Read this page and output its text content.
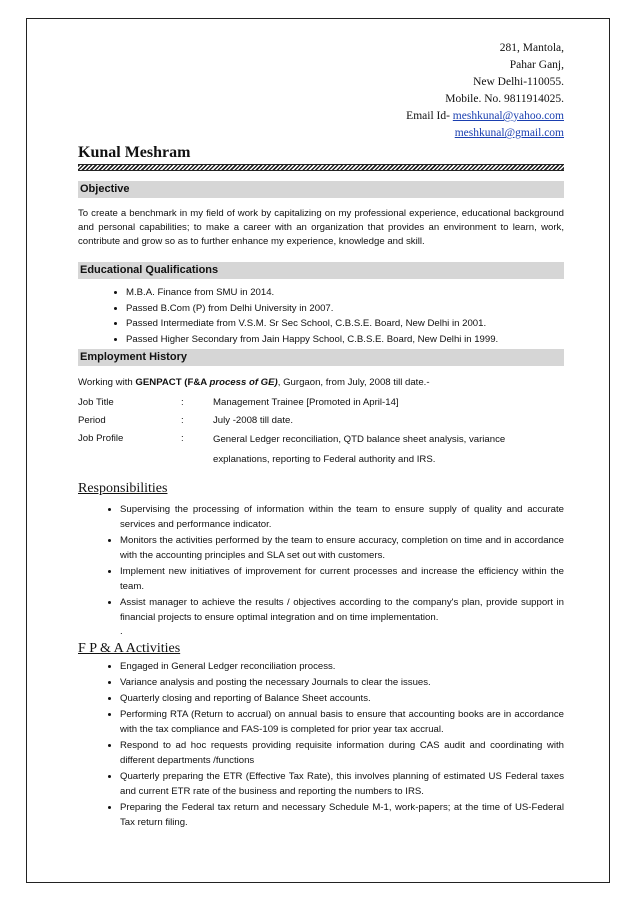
281, Mantola,
Pahar Ganj,
New Delhi-110055.
Mobile. No. 9811914025.
Email Id- meshkunal@yahoo.com
meshkunal@gmail.com
Kunal Meshram
Objective
To create a benchmark in my field of work by capitalizing on my professional experience, educational background and personal capabilities; to make a career with an organization that provides an environment to learn, work, contribute and grow so as to further enhance my experience, knowledge and skill.
Educational Qualifications
• M.B.A. Finance from SMU in 2014.
• Passed B.Com (P) from Delhi University in 2007.
• Passed Intermediate from V.S.M. Sr Sec School, C.B.S.E. Board, New Delhi in 2001.
• Passed Higher Secondary from Jain Happy School, C.B.S.E. Board, New Delhi in 1999.
Employment History
Working with GENPACT (F&A process of GE), Gurgaon, from July, 2008 till date.-
Job Title	:	Management Trainee [Promoted in April-14]
Period	:	July -2008 till date.
Job Profile	:	General Ledger reconciliation, QTD balance sheet analysis, variance explanations, reporting to Federal authority and IRS.
Responsibilities
• Supervising the processing of information within the team to ensure supply of quality and accurate services and performance indicator.
• Monitors the activities performed by the team to ensure accuracy, completion on time and in accordance with the accounting principles and SLA set out with customers.
• Implement new initiatives of improvement for current processes and increase the efficiency within the team.
• Assist manager to achieve the results / objectives according to the company's plan, provide support in financial projects to ensure optimal integration and on time implementation.
.
F P & A Activities
• Engaged in General Ledger reconciliation process.
• Variance analysis and posting the necessary Journals to clear the issues.
• Quarterly closing and reporting of Balance Sheet accounts.
• Performing RTA (Return to accrual) on annual basis to ensure that accounting books are in accordance with the tax compliance and FAS-109 is completed for prior year tax accrual.
• Respond to ad hoc requests providing requisite information during CAS audit and coordinating with different departments /functions
• Quarterly preparing the ETR (Effective Tax Rate), this involves planning of estimated US Federal taxes and current ETR rate of the business and reporting the numbers to IRS.
• Preparing the Federal tax return and necessary Schedule M-1, work-papers; at the time of US-Federal Tax return filing.
